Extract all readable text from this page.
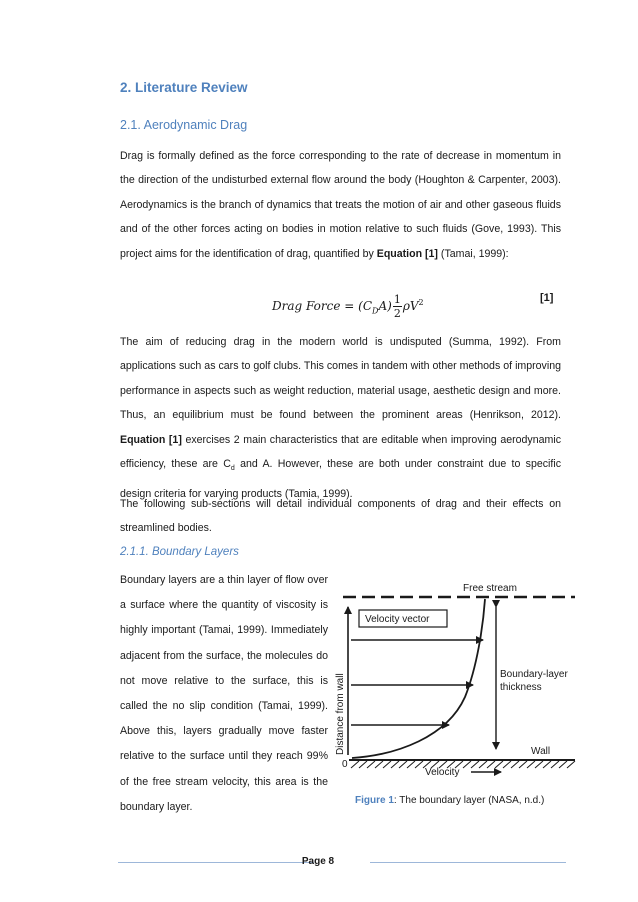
2. Literature Review
2.1. Aerodynamic Drag
Drag is formally defined as the force corresponding to the rate of decrease in momentum in the direction of the undisturbed external flow around the body (Houghton & Carpenter, 2003). Aerodynamics is the branch of dynamics that treats the motion of air and other gaseous fluids and of the other forces acting on bodies in motion relative to such fluids (Gove, 1993). This project aims for the identification of drag, quantified by Equation [1] (Tamai, 1999):
Drag Force = $(C_DA) \frac{1}{2} \rho V^2$	[1]
The aim of reducing drag in the modern world is undisputed (Summa, 1992). From applications such as cars to golf clubs. This comes in tandem with other methods of improving performance in aspects such as weight reduction, material usage, aesthetic design and more. Thus, an equilibrium must be found between the prominent areas (Henrikson, 2012). Equation [1] exercises 2 main characteristics that are editable when improving aerodynamic efficiency, these are $C_d$ and A. However, these are both under constraint due to specific design criteria for varying products (Tamia, 1999).
The following sub-sections will detail individual components of drag and their effects on streamlined bodies.
2.1.1. Boundary Layers
Boundary layers are a thin layer of flow over a surface where the quantity of viscosity is highly important (Tamai, 1999). Immediately adjacent from the surface, the molecules do not move relative to the surface, this is called the no slip condition (Tamai, 1999). Above this, layers gradually move faster relative to the surface until they reach 99% of the free stream velocity, this area is the boundary layer.
Free stream
Distance from wall
0
Velocity vector
Boundary-layer
thickness
Wall
Velocity
Figure 1: The boundary layer (NASA, n.d.)
Page 8
